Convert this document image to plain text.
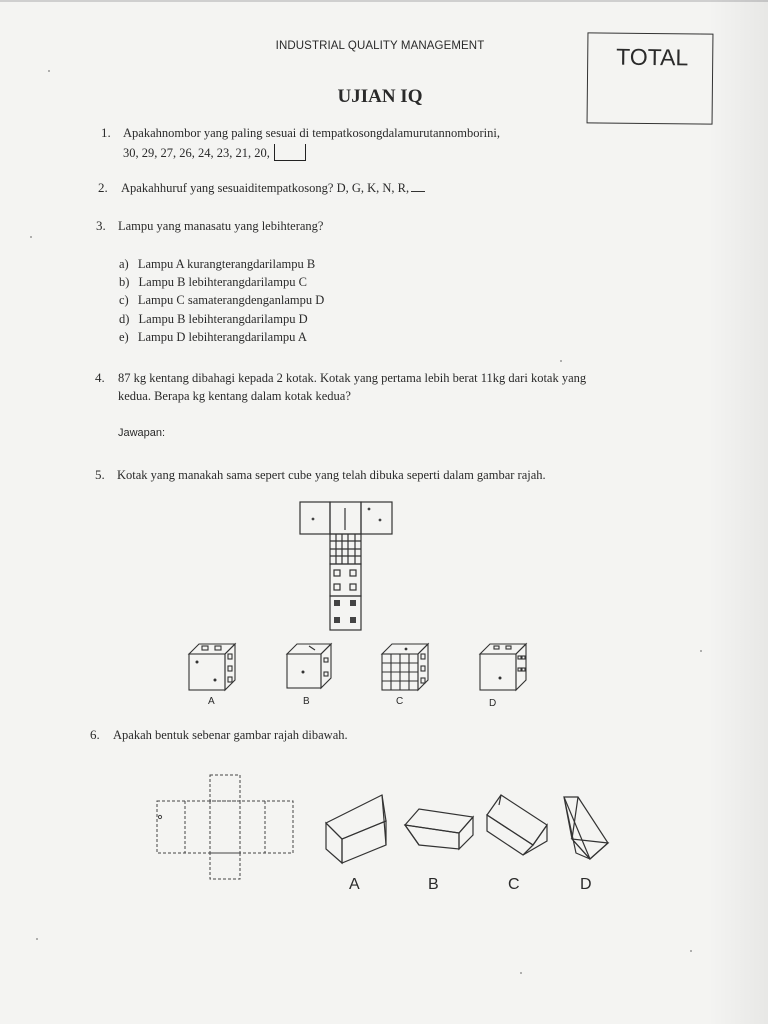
INDUSTRIAL QUALITY MANAGEMENT	TOTAL
UJIAN IQ
1. Apakahnombor yang paling sesuai di tempatkosongdalamurutannomborini,
30, 29, 27, 26, 24, 23, 21, 20,
2. Apakahhuruf yang sesuaiditempatkosong? D, G, K, N, R,
3. Lampu yang manasatu yang lebihterang?
a) Lampu A kurangterangdarilampu B
b) Lampu B lebihterangdarilampu C
c) Lampu C samaterangdenganlampu D
d) Lampu B lebihterangdarilampu D
e) Lampu D lebihterangdarilampu A
4. 87 kg kentang dibahagi kepada 2 kotak. Kotak yang pertama lebih berat 11kg dari kotak yang
kedua. Berapa kg kentang dalam kotak kedua?
Jawapan:
5. Kotak yang manakah sama sepert cube yang telah dibuka seperti dalam gambar rajah.
A	B	C	D
6. Apakah bentuk sebenar gambar rajah dibawah.
A	B	C	D
